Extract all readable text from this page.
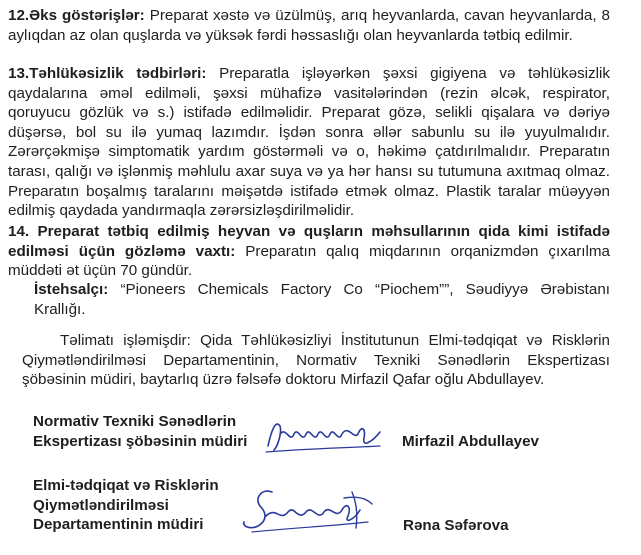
12.Əks göstərişlər: Preparat xəstə və üzülmüş, arıq heyvanlarda, cavan heyvanlarda, 8 aylıqdan az olan quşlarda və yüksək fərdi həssaslığı olan heyvanlarda tətbiq edilmir.
13.Təhlükəsizlik tədbirləri: Preparatla işləyərkən şəxsi gigiyena və təhlükəsizlik qaydalarına əməl edilməli, şəxsi mühafizə vasitələrindən (rezin əlcək, respirator, qoruyucu gözlük və s.) istifadə edilməlidir. Preparat gözə, selikli qişalara və dəriyə düşərsə, bol su ilə yumaq lazımdır. İşdən sonra əllər sabunlu su ilə yuyulmalıdır. Zərərçəkmişə simptomatik yardım göstərməli və o, həkimə çatdırılmalıdır. Preparatın tarası, qalığı və işlənmiş məhlulu axar suya və ya hər hansı su tutumuna axıtmaq olmaz. Preparatın boşalmış taralarını məişətdə istifadə etmək olmaz. Plastik taralar müəyyən edilmiş qaydada yandırmaqla zərərsizləşdirilməlidir.
14. Preparat tətbiq edilmiş heyvan və quşların məhsullarının qida kimi istifadə edilməsi üçün gözləmə vaxtı: Preparatın qalıq miqdarının orqanizmdən çıxarılma müddəti ət üçün 70 gündür.
İstehsalçı: “Pioneers Chemicals Factory Co “Piochem””, Səudiyyə Ərəbistanı Krallığı.
Təlimatı işləmişdir: Qida Təhlükəsizliyi İnstitutunun Elmi-tədqiqat və Risklərin Qiymətləndirilməsi Departamentinin, Normativ Texniki Sənədlərin Ekspertizası şöbəsinin müdiri, baytarlıq üzrə fəlsəfə doktoru Mirfazil Qafar oğlu Abdullayev.
Normativ Texniki Sənədlərin
Ekspertizası şöbəsinin müdiri	Mirfazil Abdullayev
Elmi-tədqiqat və Risklərin
Qiymətləndirilməsi
Departamentinin müdiri	Rəna Səfərova
